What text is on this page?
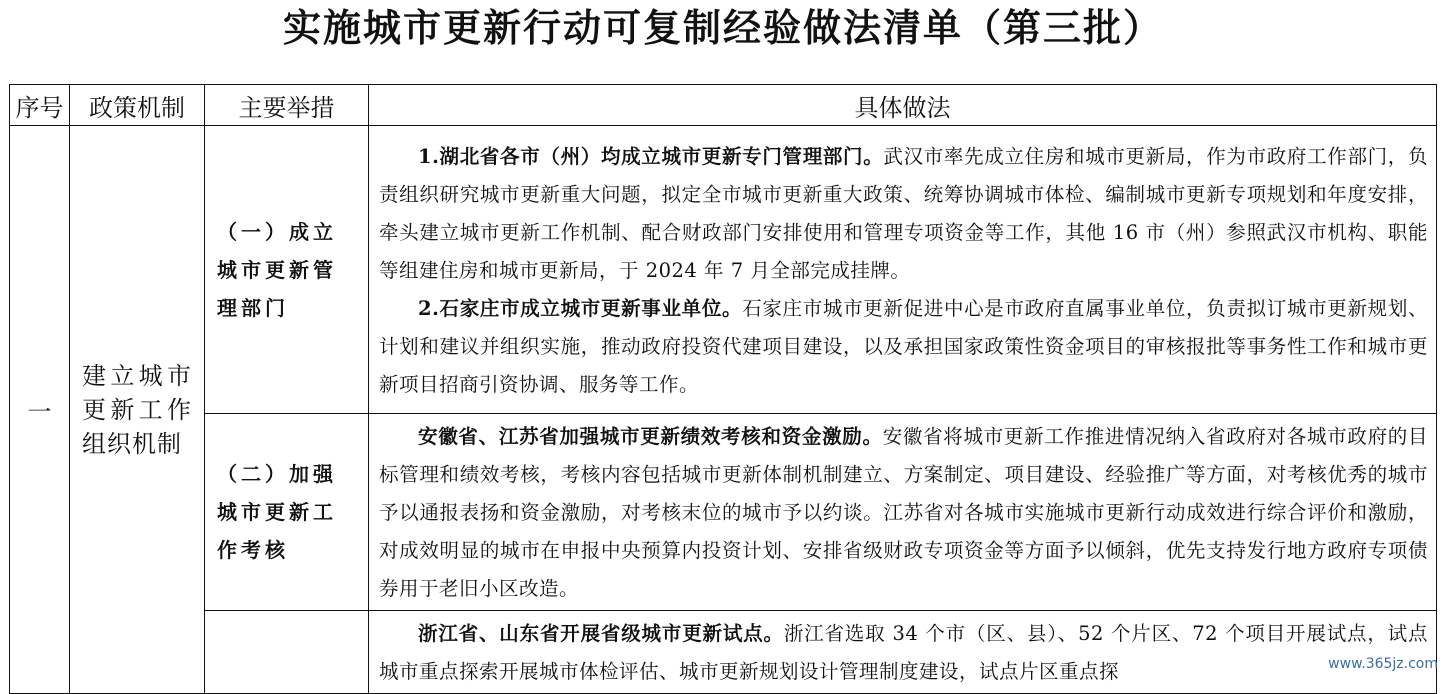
实施城市更新行动可复制经验做法清单（第三批）
序号	政策机制	主要举措	具体做法
一	建立城市更新工作组织机制	（一）成立城市更新管理部门	1.湖北省各市（州）均成立城市更新专门管理部门。武汉市率先成立住房和城市更新局，作为市政府工作部门，负责组织研究城市更新重大问题，拟定全市城市更新重大政策、统筹协调城市体检、编制城市更新专项规划和年度安排，牵头建立城市更新工作机制、配合财政部门安排使用和管理专项资金等工作，其他 16 市（州）参照武汉市机构、职能等组建住房和城市更新局，于 2024 年 7 月全部完成挂牌。

2.石家庄市成立城市更新事业单位。石家庄市城市更新促进中心是市政府直属事业单位，负责拟订城市更新规划、计划和建议并组织实施，推动政府投资代建项目建设，以及承担国家政策性资金项目的审核报批等事务性工作和城市更新项目招商引资协调、服务等工作。

		（二）加强城市更新工作考核	安徽省、江苏省加强城市更新绩效考核和资金激励。安徽省将城市更新工作推进情况纳入省政府对各城市政府的目标管理和绩效考核，考核内容包括城市更新体制机制建立、方案制定、项目建设、经验推广等方面，对考核优秀的城市予以通报表扬和资金激励，对考核末位的城市予以约谈。江苏省对各城市实施城市更新行动成效进行综合评价和激励，对成效明显的城市在申报中央预算内投资计划、安排省级财政专项资金等方面予以倾斜，优先支持发行地方政府专项债券用于老旧小区改造。

			浙江省、山东省开展省级城市更新试点。浙江省选取 34 个市（区、县）、52 个片区、72 个项目开展试点，试点城市重点探索开展城市体检评估、城市更新规划设计管理制度建设，试点片区重点探	www.365jz.com
